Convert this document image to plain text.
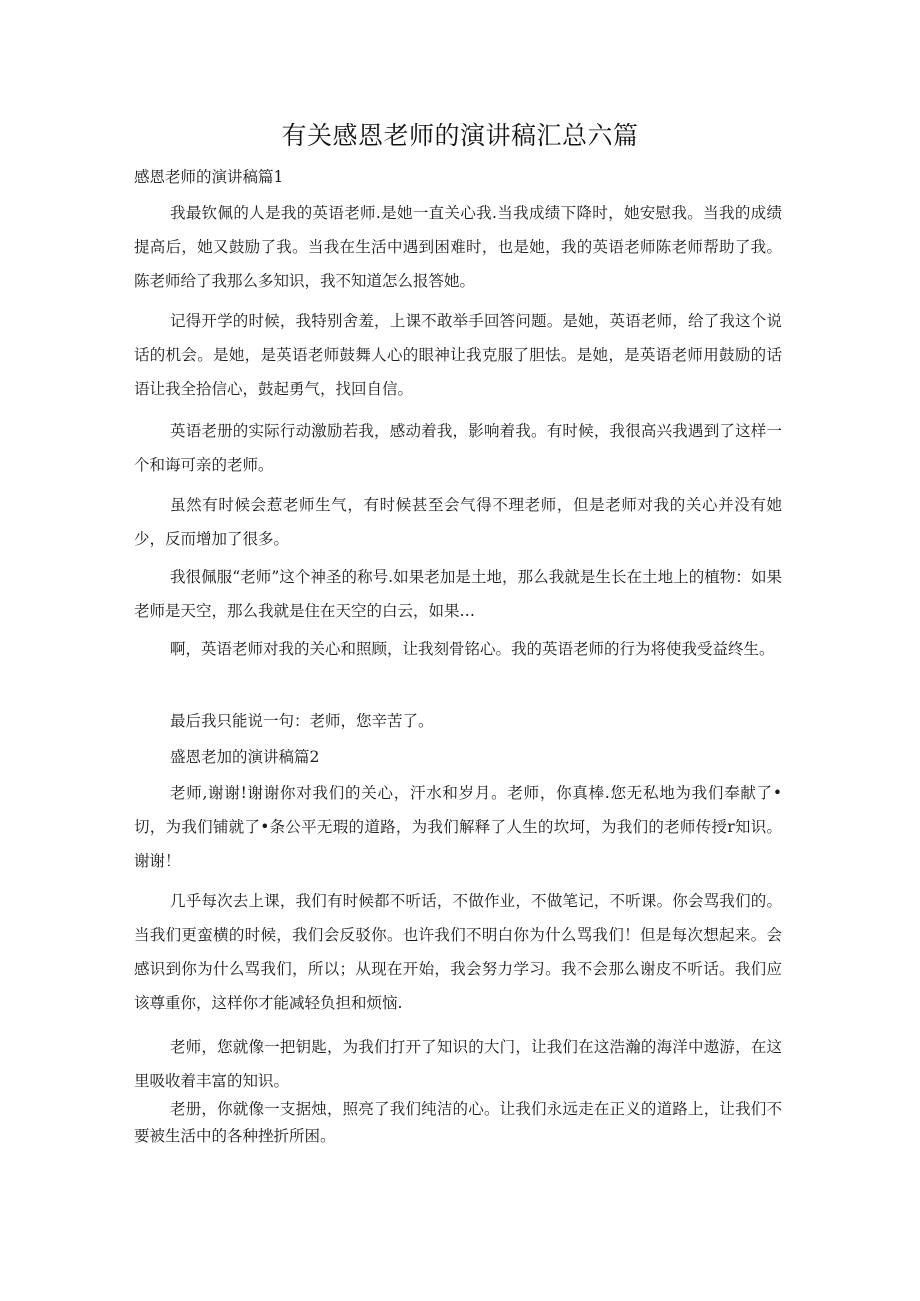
有关感恩老师的演讲稿汇总六篇
感恩老师的演讲稿篇1
我最钦佩的人是我的英语老师.是她一直关心我.当我成绩下降时，她安慰我。当我的成绩提高后，她又鼓励了我。当我在生活中遇到困难时，也是她，我的英语老师陈老师帮助了我。陈老师给了我那么多知识，我不知道怎么报答她。
记得开学的时候，我特别舍羞，上课不敢举手回答问题。是她，英语老师，给了我这个说话的机会。是她，是英语老师鼓舞人心的眼神让我克服了胆怯。是她，是英语老师用鼓励的话语让我全拾信心，鼓起勇气，找回自信。
英语老册的实际行动激励若我，感动着我，影响着我。有时候，我很高兴我遇到了这样一个和诲可亲的老师。
虽然有时候会惹老师生气，有时候甚至会气得不理老师，但是老师对我的关心并没有她少，反而增加了很多。
我很佩服“老师”这个神圣的称号.如果老加是土地，那么我就是生长在土地上的植物：如果老师是天空，那么我就是住在天空的白云，如果…
啊，英语老师对我的关心和照顾，让我刻骨铭心。我的英语老师的行为将使我受益终生。
最后我只能说一句：老师，您辛苦了。
盛恩老加的演讲稿篇2
老师,谢谢!谢谢你对我们的关心，汗水和岁月。老师，你真棒.您无私地为我们奉献了•切，为我们铺就了•条公平无瑕的道路，为我们解释了人生的坎坷，为我们的老师传授r知识。谢谢！
几乎每次去上课，我们有时候都不听话，不做作业，不做笔记，不听课。你会骂我们的。当我们更蛮横的时候，我们会反驳你。也许我们不明白你为什么骂我们！但是每次想起来。会感识到你为什么骂我们，所以；从现在开始，我会努力学习。我不会那么谢皮不听话。我们应该尊重你，这样你才能减轻负担和烦恼.
老师，您就像一把钥匙，为我们打开了知识的大门，让我们在这浩瀚的海洋中遨游，在这里吸收着丰富的知识。
老册，你就像一支据烛，照亮了我们纯洁的心。让我们永远走在正义的道路上，让我们不要被生活中的各种挫折所困。
